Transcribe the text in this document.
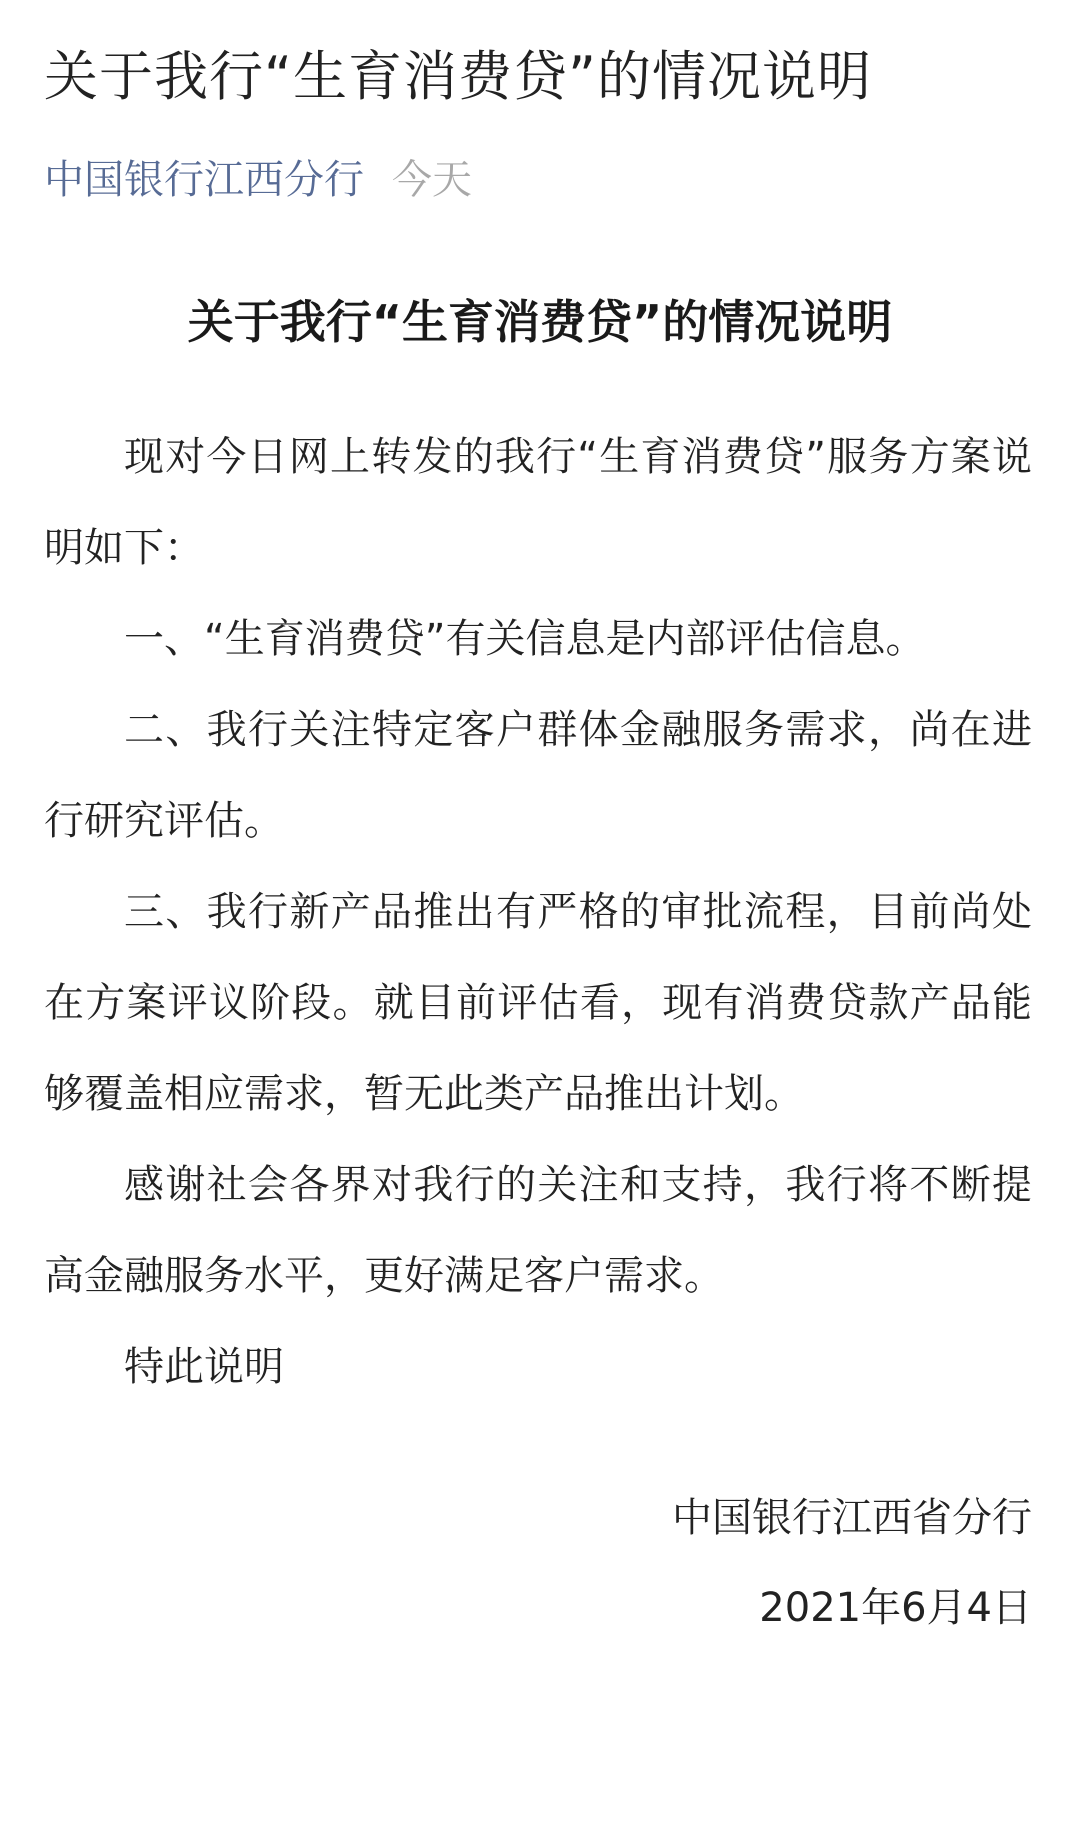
关于我行“生育消费贷”的情况说明
中国银行江西分行 今天
关于我行“生育消费贷”的情况说明

现对今日网上转发的我行“生育消费贷”服务方案说明如下：

一、“生育消费贷”有关信息是内部评估信息。

二、我行关注特定客户群体金融服务需求，尚在进行研究评估。

三、我行新产品推出有严格的审批流程，目前尚处在方案评议阶段。就目前评估看，现有消费贷款产品能够覆盖相应需求，暂无此类产品推出计划。

感谢社会各界对我行的关注和支持，我行将不断提高金融服务水平，更好满足客户需求。

特此说明

中国银行江西省分行
2021年6月4日
